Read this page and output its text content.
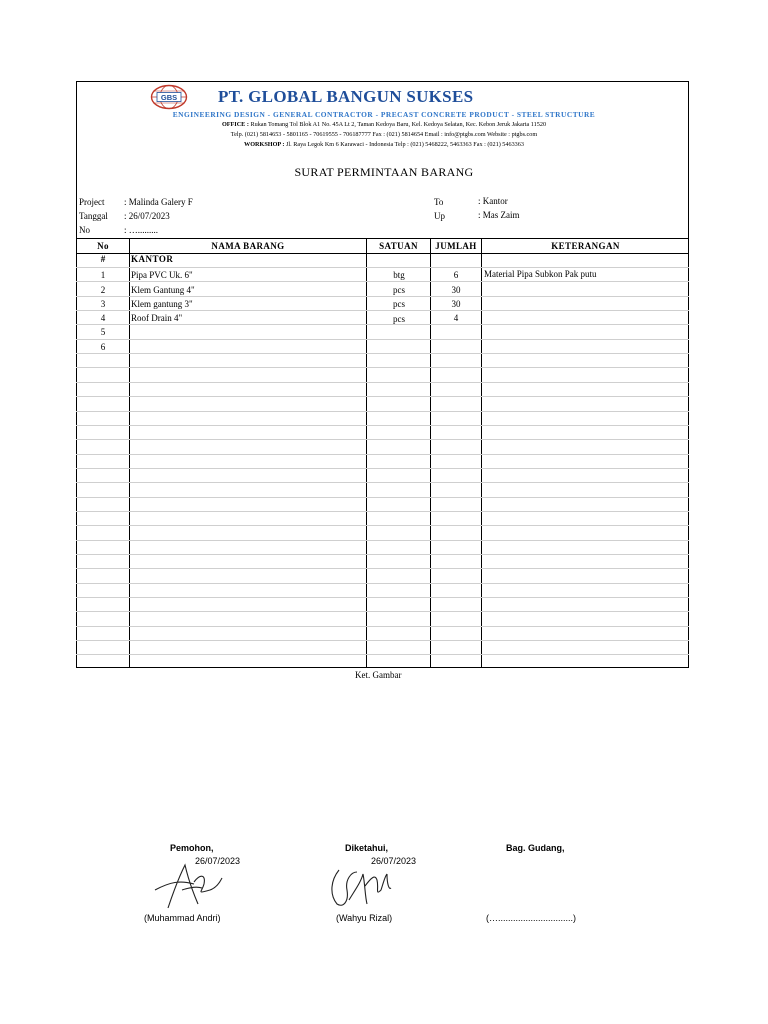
GBS PT. GLOBAL BANGUN SUKSES
ENGINEERING DESIGN - GENERAL CONTRACTOR - PRECAST CONCRETE PRODUCT - STEEL STRUCTURE
OFFICE : Rukan Tomang Tol Blok A1 No. 45A Lt 2, Taman Kedoya Baru, Kel. Kedoya Selatan, Kec. Kebon Jeruk Jakarta 11520
Telp. (021) 5814653 - 5801165 - 70619555 - 706187777 Fax : (021) 5814654 Email : info@ptgbs.com Website : ptgbs.com
WORKSHOP : Jl. Raya Legok Km 6 Karawaci - Indonesia Telp : (021) 5468222, 5463363 Fax : (021) 5463363
SURAT PERMINTAAN BARANG
Project : Malinda Galery F
Tanggal : 26/07/2023
No	: ….........
To	: Kantor
Up	: Mas Zaim
No	NAMA BARANG	SATUAN	JUMLAH	KETERANGAN
#	KANTOR
1	Pipa PVC Uk. 6"	btg	6	Material Pipa Subkon Pak putu
2	Klem Gantung 4"	pcs	30
3	Klem gantung 3"	pcs	30
4	Roof Drain 4"	pcs	4
5
6
Ket. Gambar
Pemohon,
26/07/2023
(Muhammad Andri)
Diketahui,
26/07/2023
(Wahyu Rizal)
Bag. Gudang,
(…..............................)
